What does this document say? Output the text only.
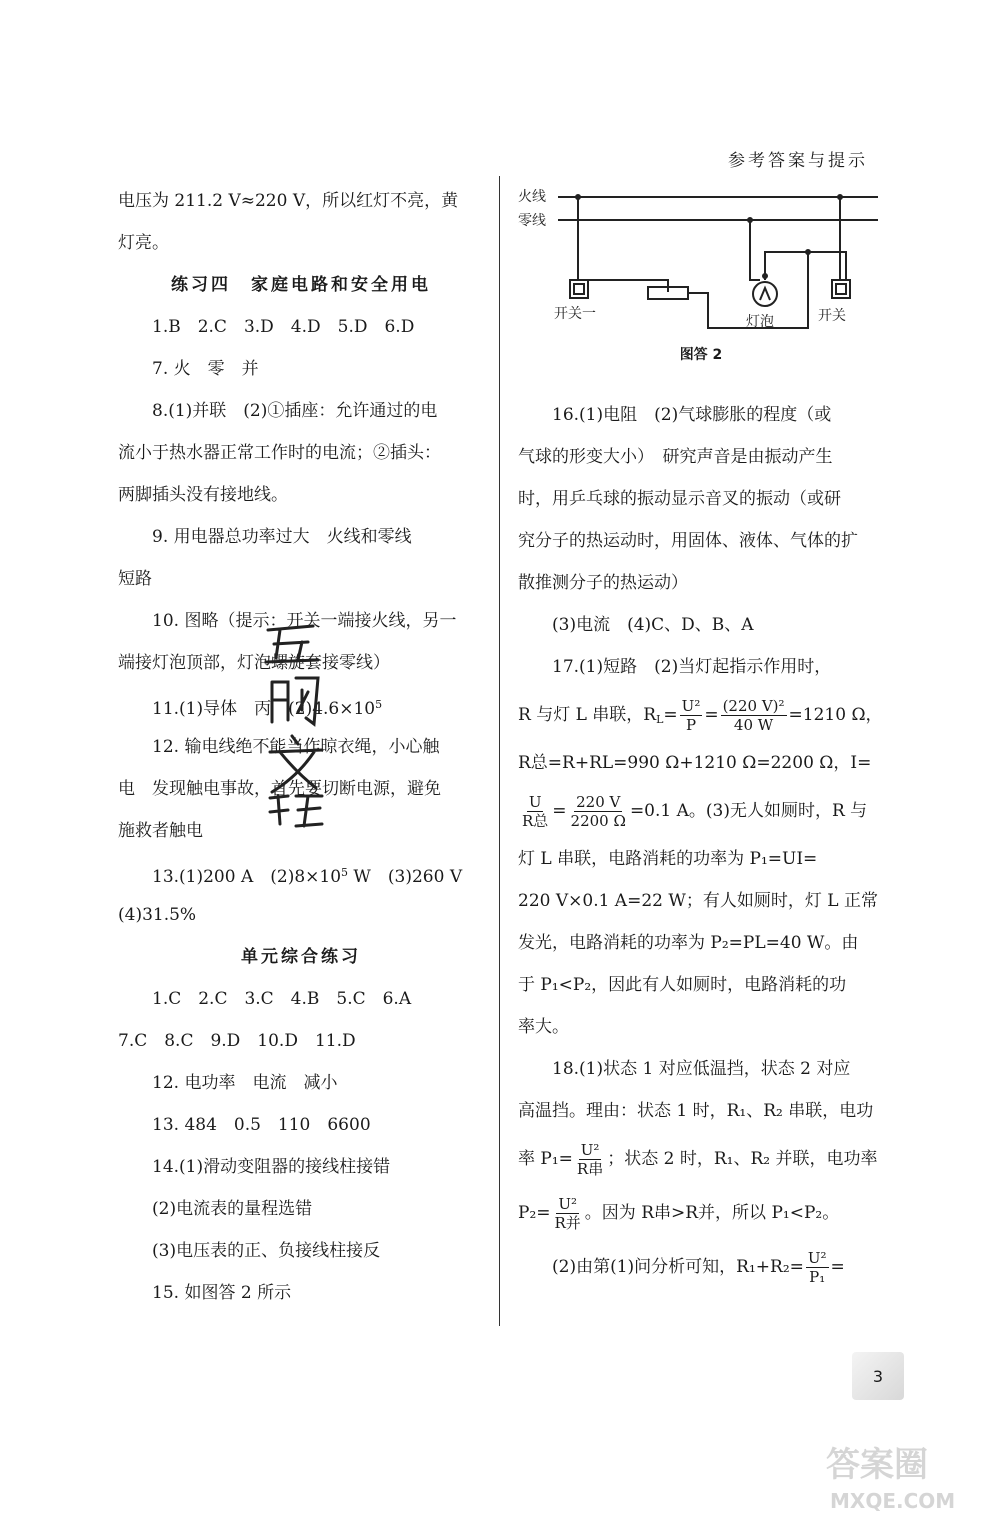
参考答案与提示
电压为 211.2 V≈220 V，所以红灯不亮，黄
灯亮。
练习四　家庭电路和安全用电
1.B　2.C　3.D　4.D　5.D　6.D
7. 火　零　并
8.(1)并联　(2)①插座：允许通过的电
流小于热水器正常工作时的电流；②插头：
两脚插头没有接地线。
9. 用电器总功率过大　火线和零线
短路
10. 图略（提示：开关一端接火线，另一
端接灯泡顶部，灯泡螺旋套接零线）
11.(1)导体　丙　$(2)4.6\times 10^5$
12. 输电线绝不能当作晾衣绳，小心触
电　发现触电事故，首先要切断电源，避免
施救者触电
13.(1)200 A　$(2)8\times 10^5$ W　(3)260 V
(4)31.5%
单元综合练习
1.C　2.C　3.C　4.B　5.C　6.A
7.C　8.C　9.D　10.D　11.D
12. 电功率　电流　减小
13. 484　0.5　110　6600
14.(1)滑动变阻器的接线柱接错
(2)电流表的量程选错
(3)电压表的正、负接线柱接反
15. 如图答 2 所示
火线
零线
开关一	灯泡	开关
图答 2
16.(1)电阻　(2)气球膨胀的程度（或
气球的形变大小）　研究声音是由振动产生
时，用乒乓球的振动显示音叉的振动（或研
究分子的热运动时，用固体、液体、气体的扩
散推测分子的热运动）
(3)电流　(4)C、D、B、A
17.(1)短路　(2)当灯起指示作用时，
R 与灯 L 串联，$R_L= \frac{\text{U²}}{P} = \frac{\text{(220 V)²}}{40 W} =1210$ Ω，
R总=R+RL=990 Ω+1210 Ω=2200 Ω，I=
$\frac{U}{\text{R总}} = \frac{220 V}{2200 \Omega} =0.1$ A。(3)无人如厕时，R 与
灯 L 串联，电路消耗的功率为 P₁=UI=
220 V×0.1 A=22 W；有人如厕时，灯 L 正常
发光，电路消耗的功率为 P₂=PL=40 W。由
于 P₁<P₂，因此有人如厕时，电路消耗的功
率大。
18.(1)状态 1 对应低温挡，状态 2 对应
高温挡。理由：状态 1 时，R₁、R₂ 串联，电功
率 $P_1= \frac{\text{U²}}{\text{R串}}$ ；状态 2 时，R₁、R₂ 并联，电功率
$P_2= \frac{\text{U²}}{\text{R并}}$ 。因为 R串>R并，所以 P₁<P₂。
(2)由第(1)问分析可知，$R_1+R_2= \frac{\text{U²}}{\text{P₁}}$ =
3
答案圈
MXQE.COM
